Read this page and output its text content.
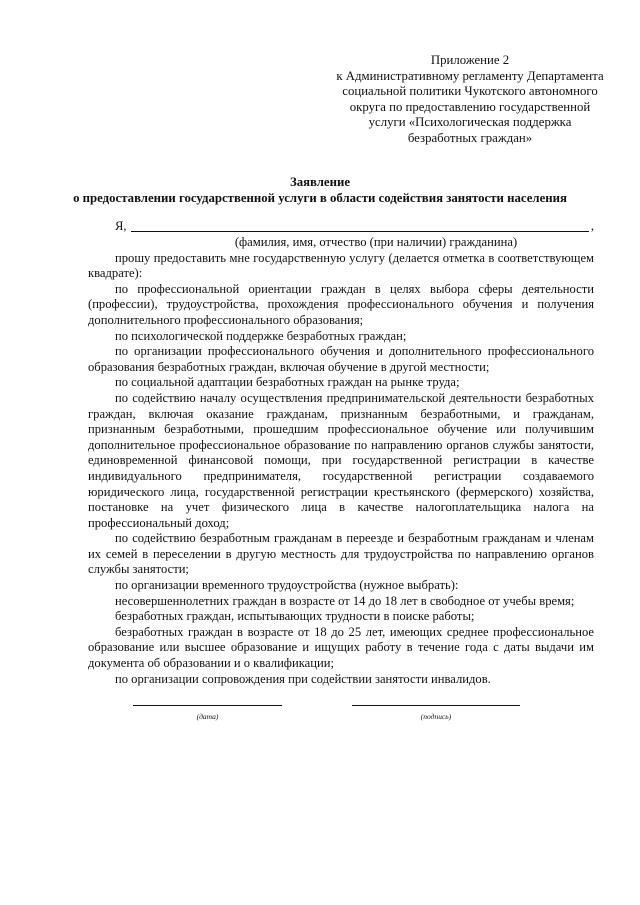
Приложение 2
к Административному регламенту Департамента
социальной политики Чукотского автономного
округа по предоставлению государственной
услуги «Психологическая поддержка
безработных граждан»
Заявление
о предоставлении государственной услуги в области содействия занятости населения
Я,	,
(фамилия, имя, отчество (при наличии) гражданина)

прошу предоставить мне государственную услугу (делается отметка в соответствующем квадрате):

по профессиональной ориентации граждан в целях выбора сферы деятельности (профессии), трудоустройства, прохождения профессионального обучения и получения дополнительного профессионального образования;

по психологической поддержке безработных граждан;

по организации профессионального обучения и дополнительного профессионального образования безработных граждан, включая обучение в другой местности;

по социальной адаптации безработных граждан на рынке труда;

по содействию началу осуществления предпринимательской деятельности безработных граждан, включая оказание гражданам, признанным безработными, и гражданам, признанным безработными, прошедшим профессиональное обучение или получившим дополнительное профессиональное образование по направлению органов службы занятости, единовременной финансовой помощи, при государственной регистрации в качестве индивидуального предпринимателя, государственной регистрации создаваемого юридического лица, государственной регистрации крестьянского (фермерского) хозяйства, постановке на учет физического лица в качестве налогоплательщика налога на профессиональный доход;

по содействию безработным гражданам в переезде и безработным гражданам и членам их семей в переселении в другую местность для трудоустройства по направлению органов службы занятости;

по организации временного трудоустройства (нужное выбрать):

несовершеннолетних граждан в возрасте от 14 до 18 лет в свободное от учебы время;

безработных граждан, испытывающих трудности в поиске работы;

безработных граждан в возрасте от 18 до 25 лет, имеющих среднее профессиональное образование или высшее образование и ищущих работу в течение года с даты выдачи им документа об образовании и о квалификации;

по организации сопровождения при содействии занятости инвалидов.

(дата)	(подпись)
